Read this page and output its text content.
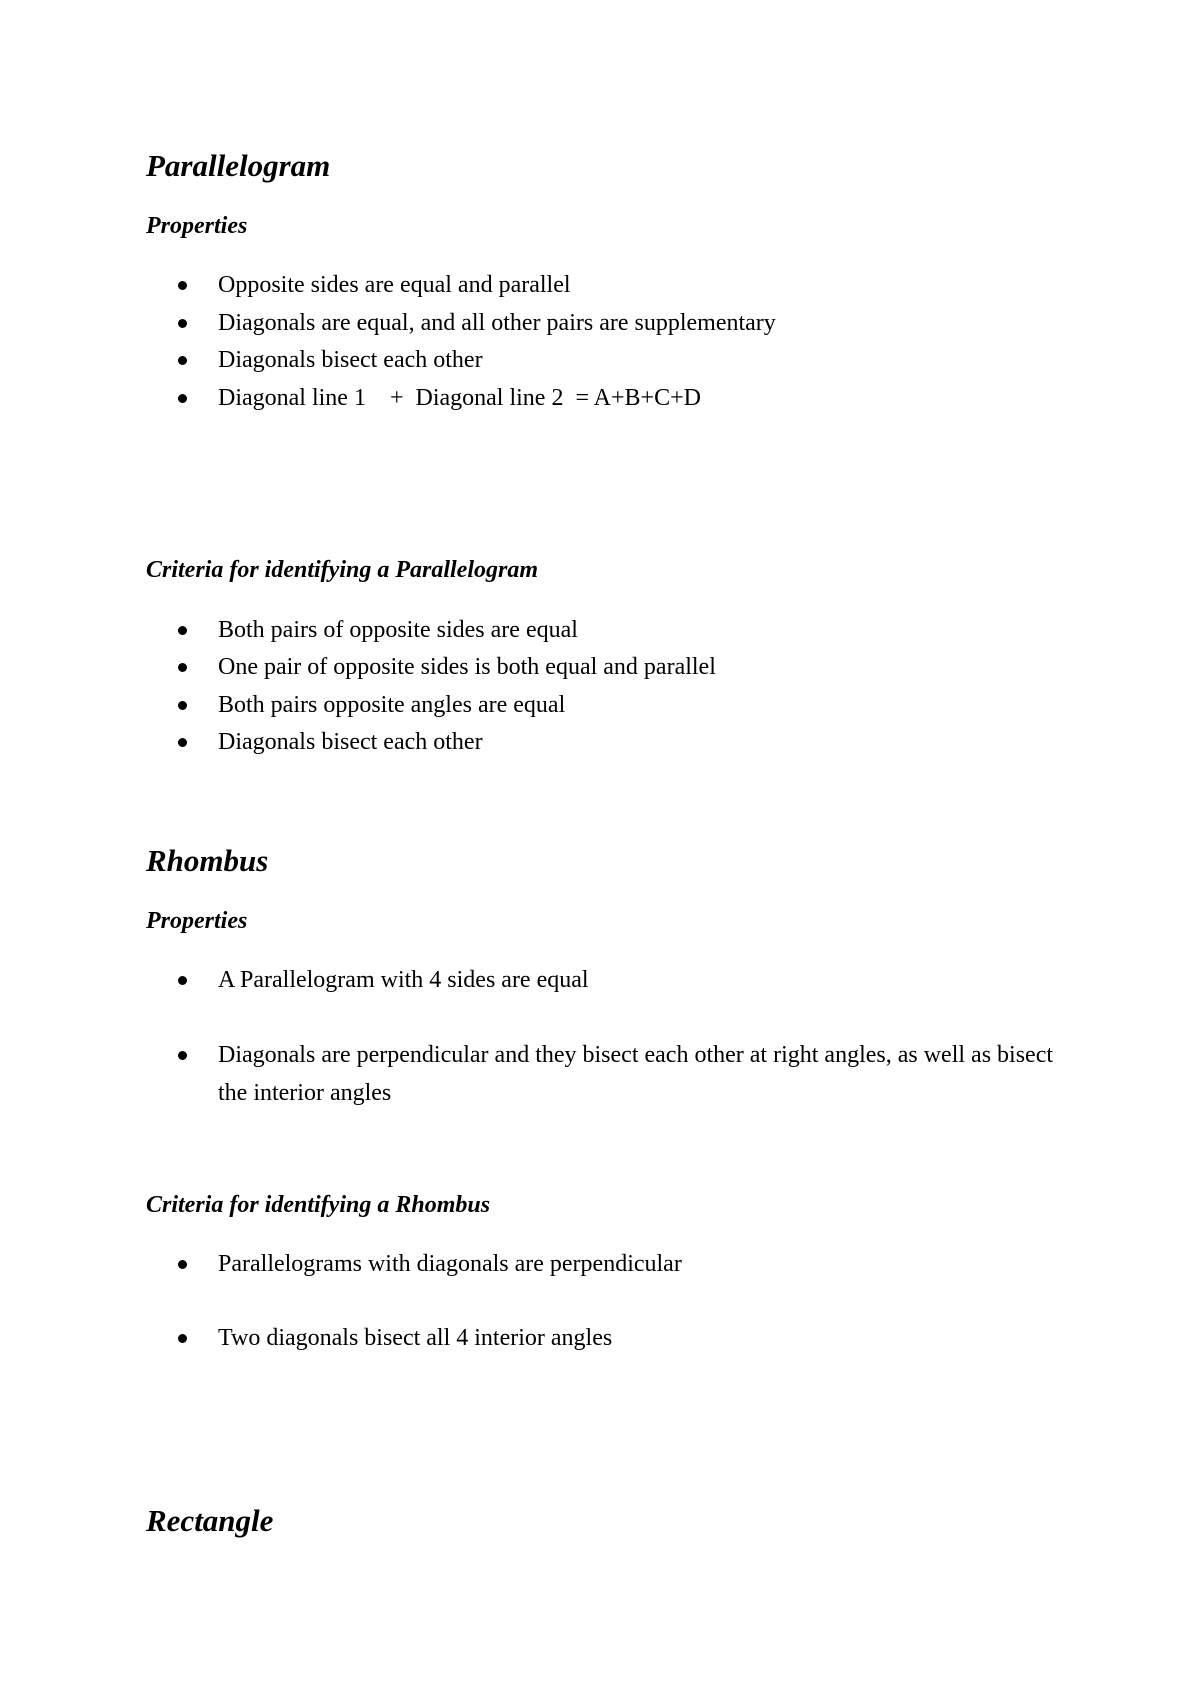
Parallelogram
Properties
Opposite sides are equal and parallel
Diagonals are equal, and all other pairs are supplementary
Diagonals bisect each other
Diagonal line 1    +  Diagonal line 2  = A+B+C+D
Criteria for identifying a Parallelogram
Both pairs of opposite sides are equal
One pair of opposite sides is both equal and parallel
Both pairs opposite angles are equal
Diagonals bisect each other
Rhombus
Properties
A Parallelogram with 4 sides are equal
Diagonals are perpendicular and they bisect each other at right angles, as well as bisect the interior angles
Criteria for identifying a Rhombus
Parallelograms with diagonals are perpendicular
Two diagonals bisect all 4 interior angles
Rectangle
